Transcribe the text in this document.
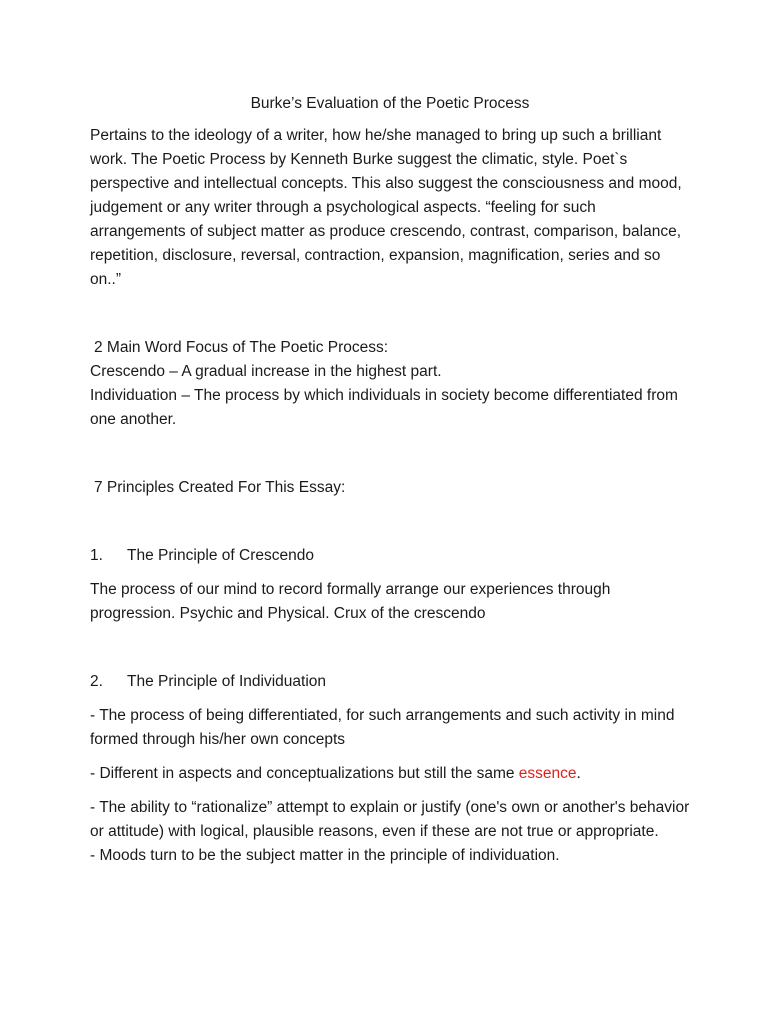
Burke’s Evaluation of the Poetic Process

Pertains to the ideology of a writer, how he/she managed to bring up such a brilliant work. The Poetic Process by Kenneth Burke suggest the climatic, style. Poet`s perspective and intellectual concepts. This also suggest the consciousness and mood, judgement or any writer through a psychological aspects. “feeling for such arrangements of subject matter as produce crescendo, contrast, comparison, balance, repetition, disclosure, reversal, contraction, expansion, magnification, series and so on..”

2 Main Word Focus of The Poetic Process:

Crescendo – A gradual increase in the highest part.

Individuation – The process by which individuals in society become differentiated from one another.

7 Principles Created For This Essay:

1.	The Principle of Crescendo

The process of our mind to record formally arrange our experiences through progression. Psychic and Physical. Crux of the crescendo

2.	The Principle of Individuation

- The process of being differentiated, for such arrangements and such activity in mind formed through his/her own concepts

- Different in aspects and conceptualizations but still the same essence.

- The ability to “rationalize” attempt to explain or justify (one's own or another's behavior or attitude) with logical, plausible reasons, even if these are not true or appropriate.

- Moods turn to be the subject matter in the principle of individuation.
